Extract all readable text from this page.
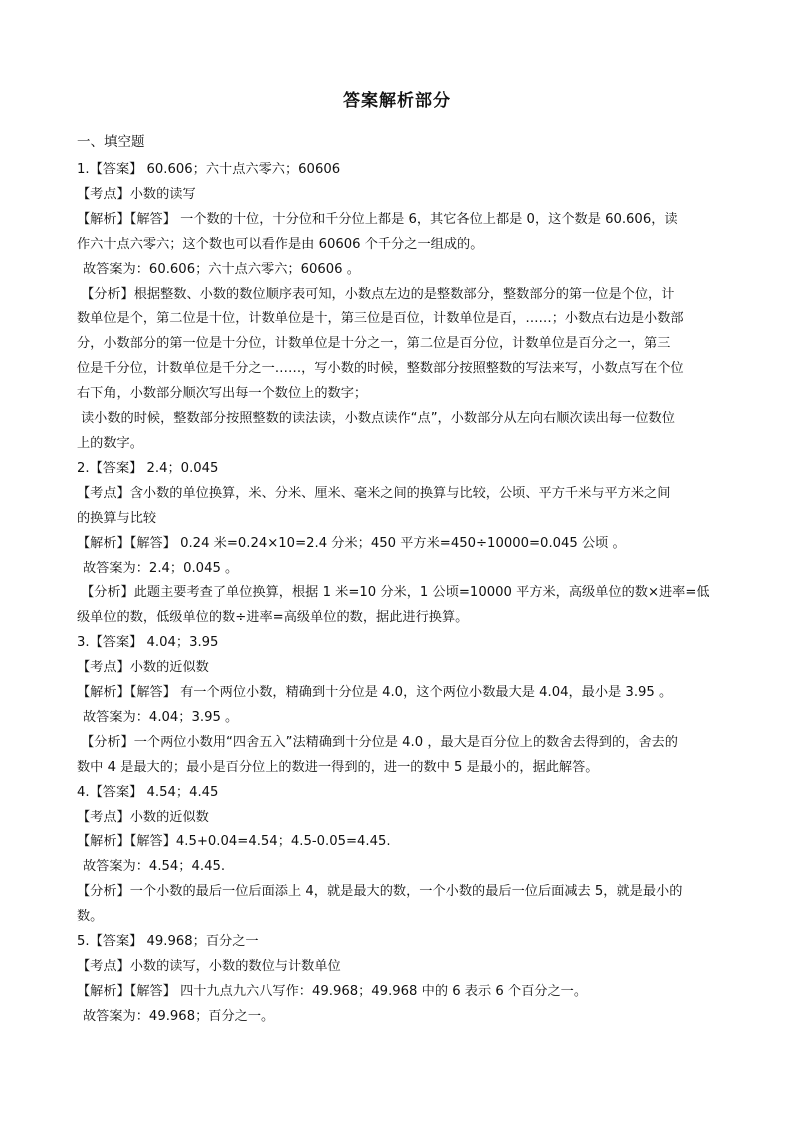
答案解析部分
一、填空题

1.【答案】 60.606；六十点六零六；60606

【考点】小数的读写

【解析】【解答】 一个数的十位，十分位和千分位上都是 6，其它各位上都是 0，这个数是 60.606，读

作六十点六零六；这个数也可以看作是由 60606 个千分之一组成的。

故答案为：60.606；六十点六零六；60606 。

【分析】根据整数、小数的数位顺序表可知，小数点左边的是整数部分，整数部分的第一位是个位，计

数单位是个，第二位是十位，计数单位是十，第三位是百位，计数单位是百，……；小数点右边是小数部

分，小数部分的第一位是十分位，计数单位是十分之一，第二位是百分位，计数单位是百分之一，第三

位是千分位，计数单位是千分之一……，写小数的时候，整数部分按照整数的写法来写，小数点写在个位

右下角，小数部分顺次写出每一个数位上的数字；

读小数的时候，整数部分按照整数的读法读，小数点读作“点”，小数部分从左向右顺次读出每一位数位

上的数字。

2.【答案】 2.4；0.045

【考点】含小数的单位换算，米、分米、厘米、毫米之间的换算与比较，公顷、平方千米与平方米之间

的换算与比较

【解析】【解答】 0.24 米=0.24×10=2.4 分米；450 平方米=450÷10000=0.045 公顷 。

故答案为：2.4；0.045 。

【分析】此题主要考查了单位换算，根据 1 米=10 分米，1 公顷=10000 平方米，高级单位的数×进率=低

级单位的数，低级单位的数÷进率=高级单位的数，据此进行换算。

3.【答案】 4.04；3.95

【考点】小数的近似数

【解析】【解答】 有一个两位小数，精确到十分位是 4.0，这个两位小数最大是 4.04，最小是 3.95 。

故答案为：4.04；3.95 。

【分析】一个两位小数用“四舍五入”法精确到十分位是 4.0 ，最大是百分位上的数舍去得到的，舍去的

数中 4 是最大的；最小是百分位上的数进一得到的，进一的数中 5 是最小的，据此解答。

4.【答案】 4.54；4.45

【考点】小数的近似数

【解析】【解答】4.5+0.04=4.54；4.5-0.05=4.45.

故答案为：4.54；4.45.

【分析】一个小数的最后一位后面添上 4，就是最大的数，一个小数的最后一位后面减去 5，就是最小的

数。

5.【答案】 49.968；百分之一

【考点】小数的读写，小数的数位与计数单位

【解析】【解答】 四十九点九六八写作：49.968；49.968 中的 6 表示 6 个百分之一。

故答案为：49.968；百分之一。
